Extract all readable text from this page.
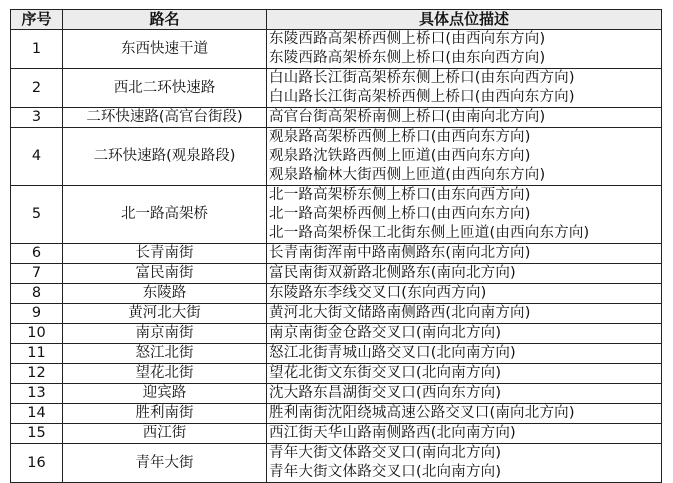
序号	路名	具体点位描述
1	东西快速干道	东陵西路高架桥西侧上桥口(由西向东方向)
东陵西路高架桥东侧上桥口(由东向西方向)

2	西北二环快速路	白山路长江街高架桥东侧上桥口(由东向西方向)
白山路长江街高架桥西侧上桥口(由西向东方向)

3	二环快速路(高官台街段)	高官台街高架桥南侧上桥口(由南向北方向)

4	二环快速路(观泉路段)	观泉路高架桥西侧上桥口(由西向东方向)
观泉路沈铁路西侧上匝道(由西向东方向)
观泉路榆林大街西侧上匝道(由西向东方向)

5	北一路高架桥	北一路高架桥东侧上桥口(由东向西方向)
北一路高架桥西侧上桥口(由西向东方向)
北一路高架桥保工北街东侧上匝道(由西向东方向)

6	长青南街	长青南街浑南中路南侧路东(南向北方向)

7	富民南街	富民南街双新路北侧路东(南向北方向)

8	东陵路	东陵路东李线交叉口(东向西方向)

9	黄河北大街	黄河北大街文储路南侧路西(北向南方向)

10	南京南街	南京南街金仓路交叉口(南向北方向)

11	怒江北街	怒江北街青城山路交叉口(北向南方向)

12	望花北街	望花北街文东街交叉口(北向南方向)

13	迎宾路	沈大路东昌湖街交叉口(西向东方向)

14	胜利南街	胜利南街沈阳绕城高速公路交叉口(南向北方向)

15	西江街	西江街天华山路南侧路西(北向南方向)

16	青年大街	青年大街文体路交叉口(南向北方向)
青年大街文体路交叉口(北向南方向)
